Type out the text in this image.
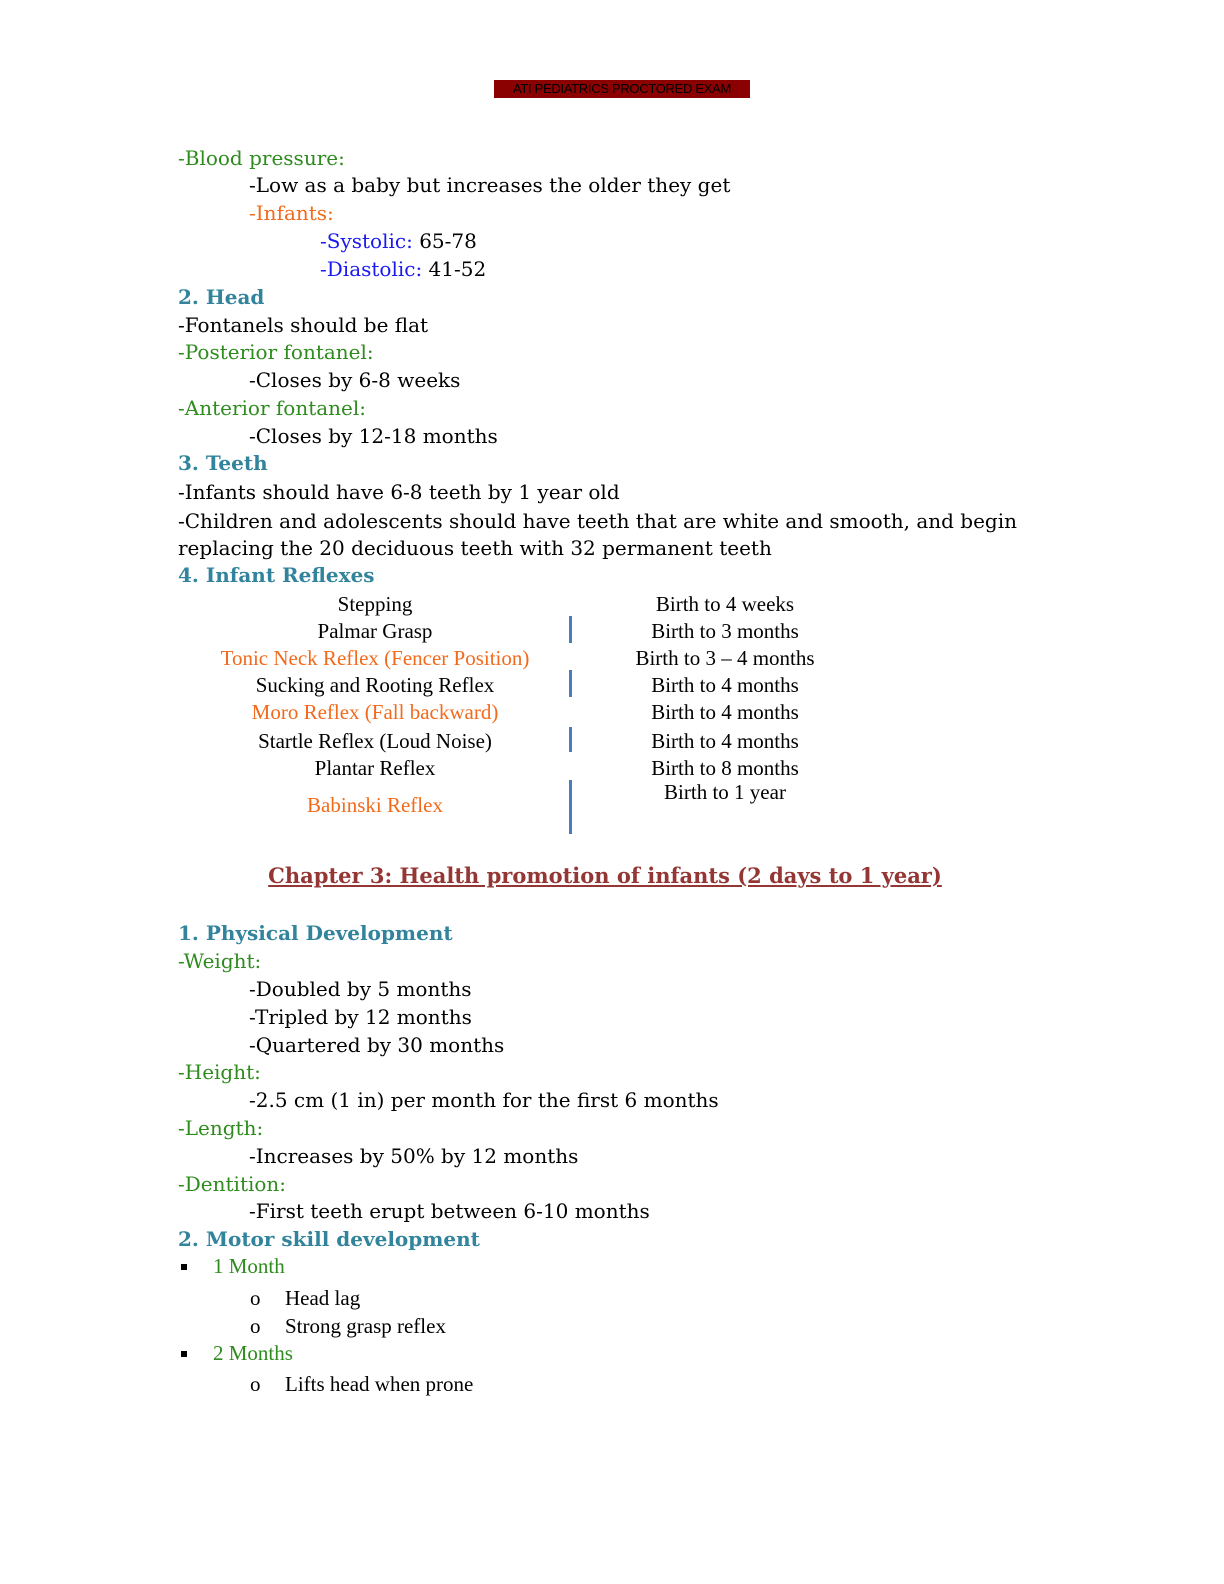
ATI PEDIATRICS PROCTORED EXAM
-Blood pressure:
-Low as a baby but increases the older they get
-Infants:
-Systolic: 65-78
-Diastolic: 41-52
2. Head
-Fontanels should be flat
-Posterior fontanel:
-Closes by 6-8 weeks
-Anterior fontanel:
-Closes by 12-18 months
3. Teeth
-Infants should have 6-8 teeth by 1 year old
-Children and adolescents should have teeth that are white and smooth, and begin
replacing the 20 deciduous teeth with 32 permanent teeth
4. Infant Reflexes
Stepping
Palmar Grasp
Tonic Neck Reflex (Fencer Position)
Sucking and Rooting Reflex
Moro Reflex (Fall backward)
Startle Reflex (Loud Noise)
Plantar Reflex
Babinski Reflex
Birth to 4 weeks
Birth to 3 months
Birth to 3 – 4 months
Birth to 4 months
Birth to 4 months
Birth to 4 months
Birth to 8 months
Birth to 1 year
Chapter 3: Health promotion of infants (2 days to 1 year)
1. Physical Development
-Weight:
-Doubled by 5 months
-Tripled by 12 months
-Quartered by 30 months
-Height:
-2.5 cm (1 in) per month for the first 6 months
-Length:
-Increases by 50% by 12 months
-Dentition:
-First teeth erupt between 6-10 months
2. Motor skill development
1 Month
o Head lag
o Strong grasp reflex
2 Months
o Lifts head when prone
